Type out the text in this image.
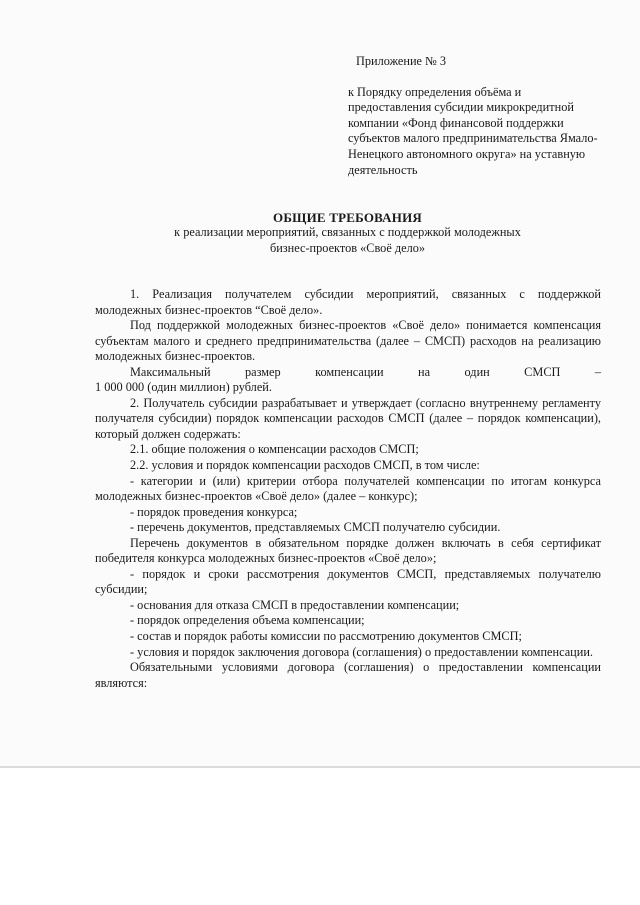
Приложение № 3

к Порядку определения объёма и предоставления субсидии микрокредитной компании «Фонд финансовой поддержки субъектов малого предпринимательства Ямало-Ненецкого автономного округа» на уставную деятельность

ОБЩИЕ ТРЕБОВАНИЯ
к реализации мероприятий, связанных с поддержкой молодежных
бизнес-проектов «Своё дело»

1. Реализация получателем субсидии мероприятий, связанных с поддержкой молодежных бизнес-проектов “Своё дело».

Под поддержкой молодежных бизнес-проектов «Своё дело» понимается компенсация субъектам малого и среднего предпринимательства (далее – СМСП) расходов на реализацию молодежных бизнес-проектов.

Максимальный размер компенсации на один СМСП –

1 000 000 (один миллион) рублей.

2. Получатель субсидии разрабатывает и утверждает (согласно внутреннему регламенту получателя субсидии) порядок компенсации расходов СМСП (далее – порядок компенсации), который должен содержать:

2.1. общие положения о компенсации расходов СМСП;

2.2. условия и порядок компенсации расходов СМСП, в том числе:

- категории и (или) критерии отбора получателей компенсации по итогам конкурса молодежных бизнес-проектов «Своё дело» (далее – конкурс);

- порядок проведения конкурса;

- перечень документов, представляемых СМСП получателю субсидии.

Перечень документов в обязательном порядке должен включать в себя сертификат победителя конкурса молодежных бизнес-проектов «Своё дело»;

- порядок и сроки рассмотрения документов СМСП, представляемых получателю субсидии;

- основания для отказа СМСП в предоставлении компенсации;

- порядок определения объема компенсации;

- состав и порядок работы комиссии по рассмотрению документов СМСП;

- условия и порядок заключения договора (соглашения) о предоставлении компенсации.

Обязательными условиями договора (соглашения) о предоставлении компенсации являются:
